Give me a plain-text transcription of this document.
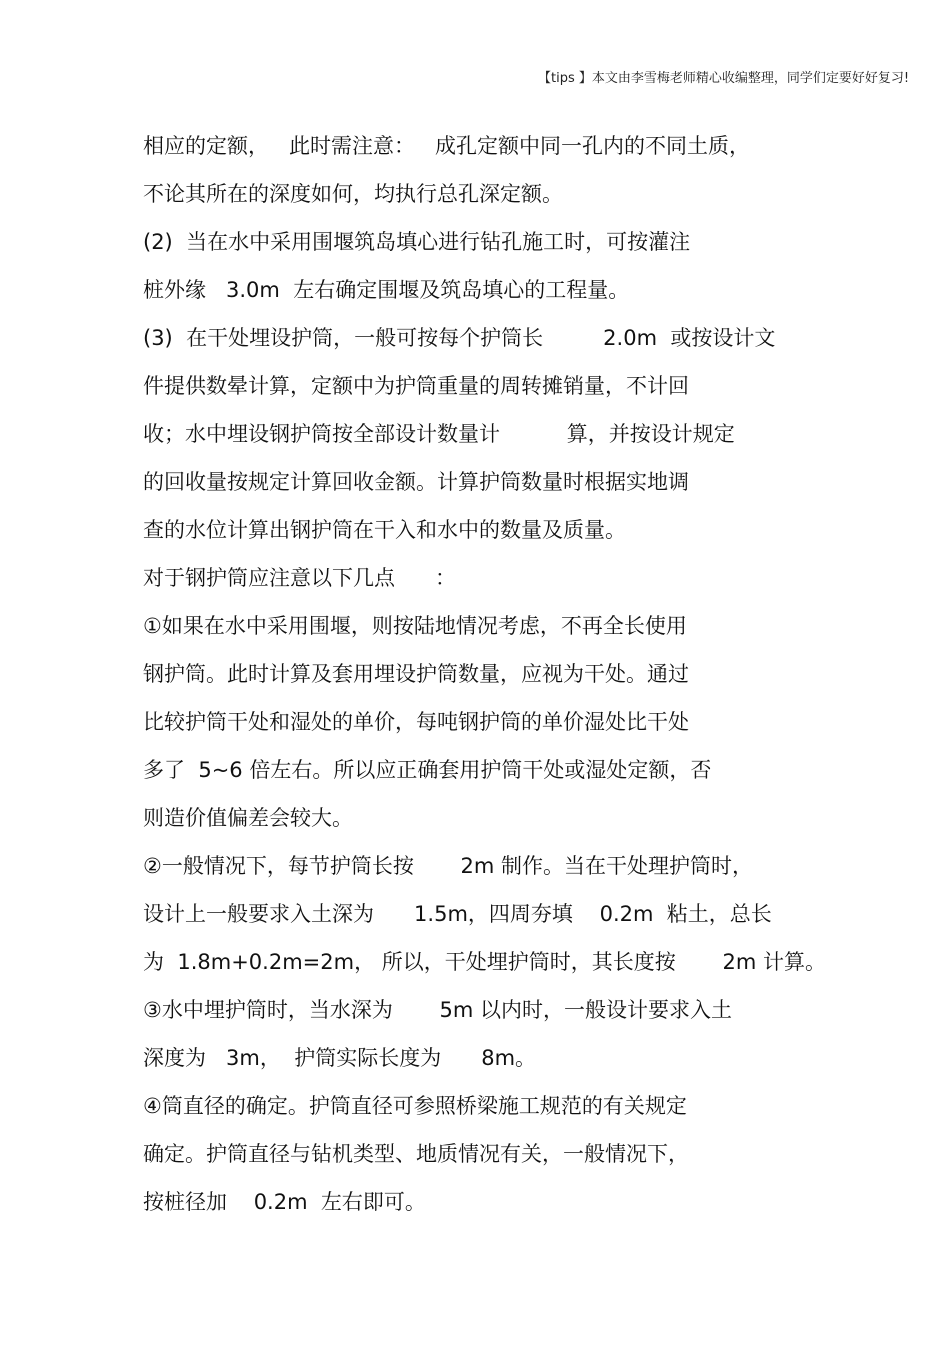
【tips 】本文由李雪梅老师精心收编整理，同学们定要好好复习!
相应的定额，   此时需注意：   成孔定额中同一孔内的不同土质，
不论其所在的深度如何，均执行总孔深定额。
(2)  当在水中采用围堰筑岛填心进行钻孔施工时，可按灌注
桩外缘   3.0m  左右确定围堰及筑岛填心的工程量。
(3)  在干处埋设护筒，一般可按每个护筒长         2.0m  或按设计文
件提供数晕计算，定额中为护筒重量的周转摊销量，不计回
收；水中埋设钢护筒按全部设计数量计          算，并按设计规定
的回收量按规定计算回收金额。计算护筒数量时根据实地调
查的水位计算出钢护筒在干入和水中的数量及质量。
对于钢护筒应注意以下几点      ：
①如果在水中采用围堰，则按陆地情况考虑，不再全长使用
钢护筒。此时计算及套用埋设护筒数量，应视为干处。通过
比较护筒干处和湿处的单价，每吨钢护筒的单价湿处比干处
多了  5~6 倍左右。所以应正确套用护筒干处或湿处定额，否
则造价值偏差会较大。
②一般情况下，每节护筒长按       2m 制作。当在干处理护筒时，
设计上一般要求入土深为      1.5m，四周夯填    0.2m  粘土，总长
为  1.8m+0.2m=2m， 所以，干处埋护筒时，其长度按       2m 计算。
③水中埋护筒时，当水深为       5m 以内时，一般设计要求入土
深度为   3m，  护筒实际长度为      8m。
④筒直径的确定。护筒直径可参照桥梁施工规范的有关规定
确定。护筒直径与钻机类型、地质情况有关，一般情况下，
按桩径加    0.2m  左右即可。
